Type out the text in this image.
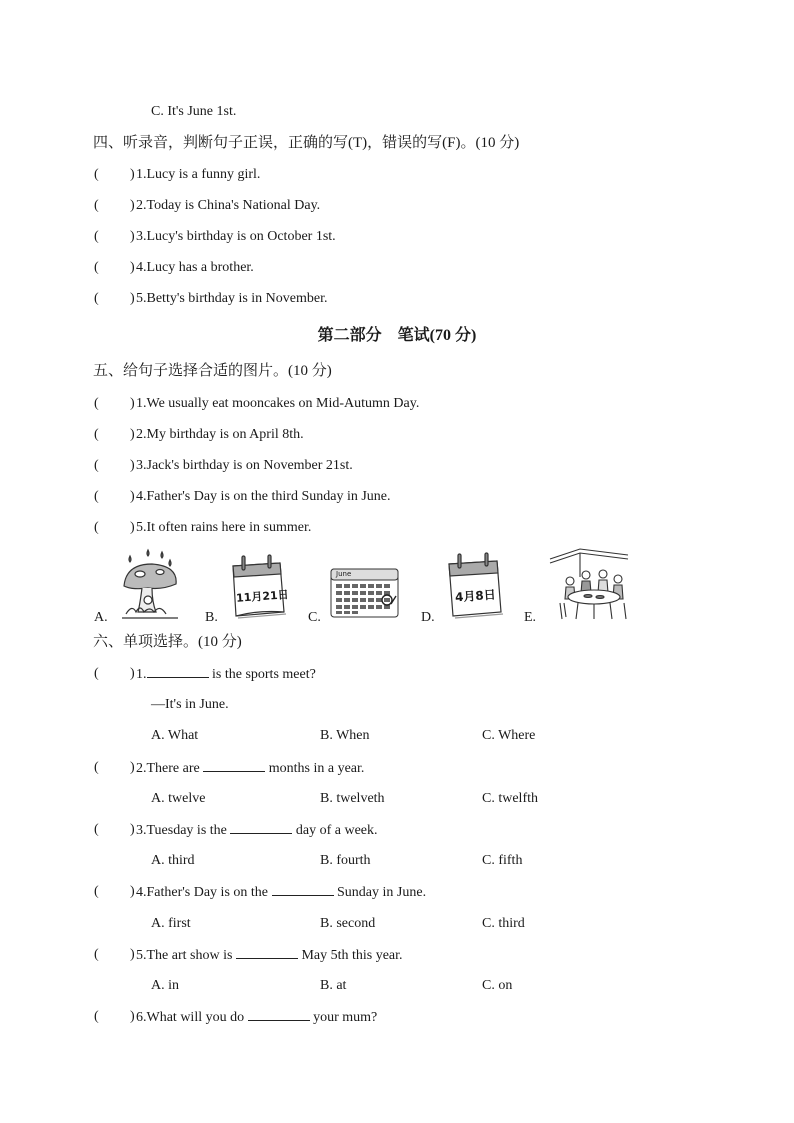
C. It's June 1st.
四、听录音，判断句子正误，正确的写(T)，错误的写(F)。(10 分)
( ) 1.Lucy is a funny girl.
( ) 2.Today is China's National Day.
( ) 3.Lucy's birthday is on October 1st.
( ) 4.Lucy has a brother.
( ) 5.Betty's birthday is in November.
第二部分　笔试(70 分)
五、给句子选择合适的图片。(10 分)
( ) 1.We usually eat mooncakes on Mid-Autumn Day.
( ) 2.My birthday is on April 8th.
( ) 3.Jack's birthday is on November 21st.
( ) 4.Father's Day is on the third Sunday in June.
( ) 5.It often rains here in summer.
A.	B.
11月21日
C.
June
D.
4月8日
E.
六、单项选择。(10 分)
( ) 1.	is the sports meet?
—It's in June.
A. What	B. When	C. Where
( ) 2.There are	months in a year.
A. twelve	B. twelveth	C. twelfth
( ) 3.Tuesday is the	day of a week.
A. third	B. fourth	C. fifth
( ) 4.Father's Day is on the	Sunday in June.
A. first	B. second	C. third
( ) 5.The art show is	May 5th this year.
A. in	B. at	C. on
( ) 6.What will you do	your mum?
